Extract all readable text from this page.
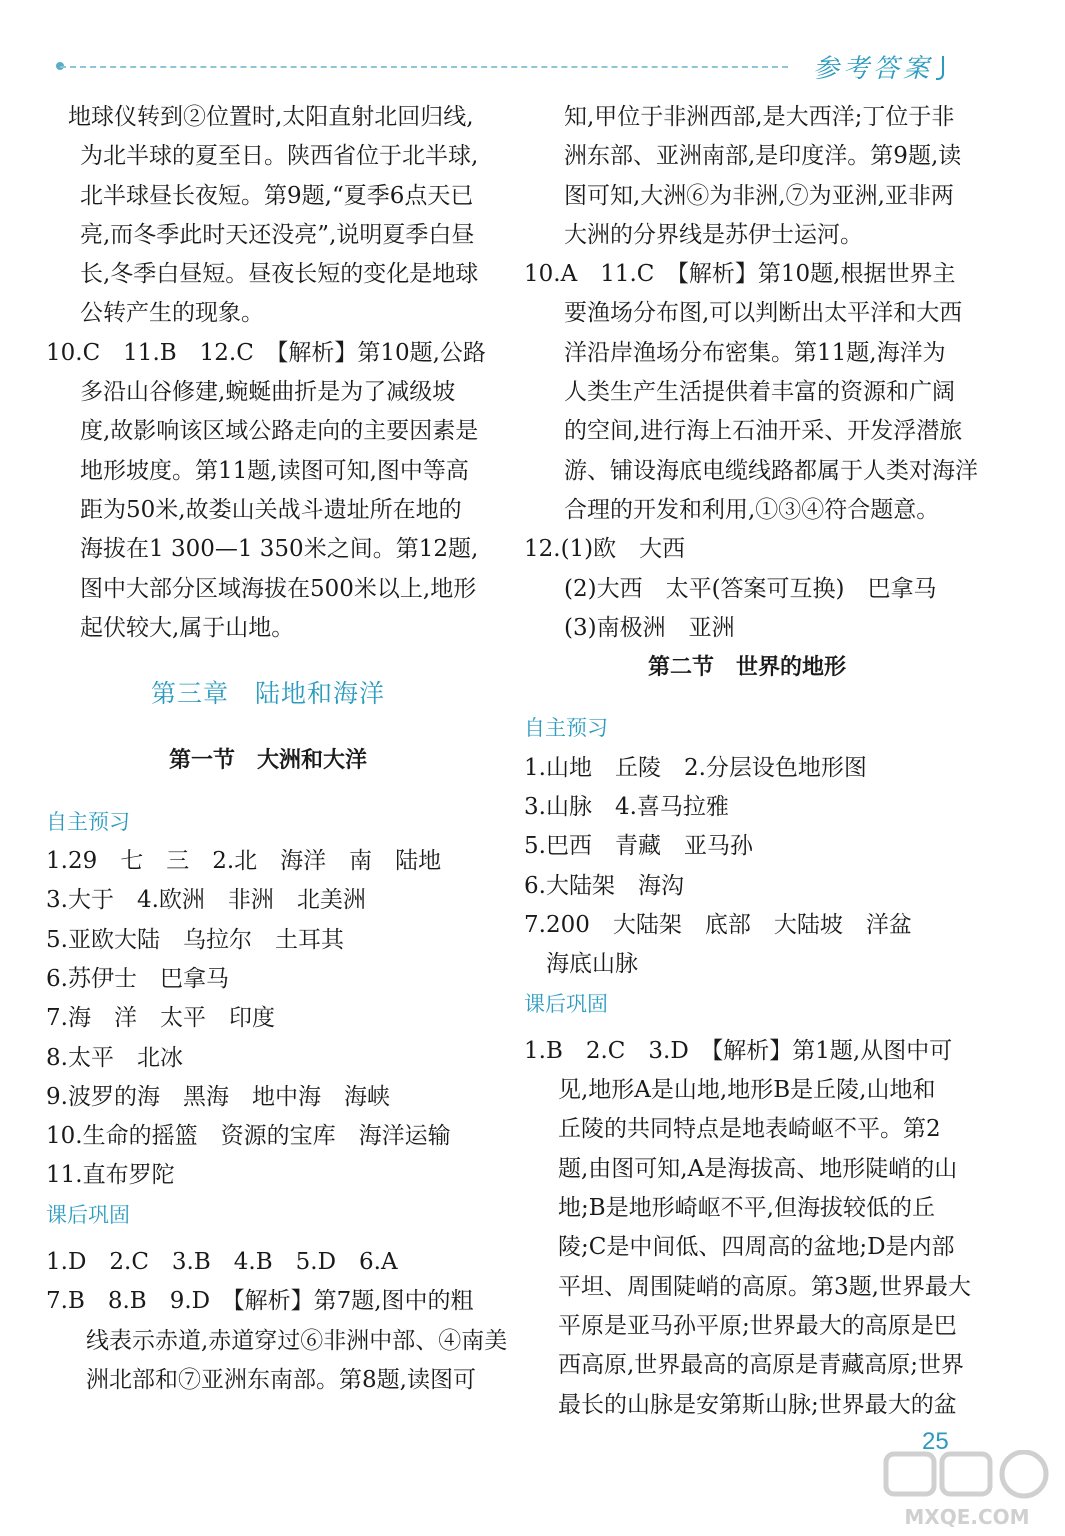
参考答案

地球仪转到②位置时,太阳直射北回归线,

为北半球的夏至日。陕西省位于北半球,

北半球昼长夜短。第9题,“夏季6点天已

亮,而冬季此时天还没亮”,说明夏季白昼

长,冬季白昼短。昼夜长短的变化是地球

公转产生的现象。

10.C　11.B　12.C　【解析】第10题,公路

多沿山谷修建,蜿蜒曲折是为了减级坡

度,故影响该区域公路走向的主要因素是

地形坡度。第11题,读图可知,图中等高

距为50米,故娄山关战斗遗址所在地的

海拔在1 300—1 350米之间。第12题,

图中大部分区域海拔在500米以上,地形

起伏较大,属于山地。

第三章　陆地和海洋

第一节　大洲和大洋

自主预习

1.29　七　三　2.北　海洋　南　陆地

3.大于　4.欧洲　非洲　北美洲

5.亚欧大陆　乌拉尔　土耳其

6.苏伊士　巴拿马

7.海　洋　太平　印度

8.太平　北冰

9.波罗的海　黑海　地中海　海峡

10.生命的摇篮　资源的宝库　海洋运输

11.直布罗陀

课后巩固

1.D　2.C　3.B　4.B　5.D　6.A

7.B　8.B　9.D　【解析】第7题,图中的粗

线表示赤道,赤道穿过⑥非洲中部、④南美

洲北部和⑦亚洲东南部。第8题,读图可

知,甲位于非洲西部,是大西洋;丁位于非

洲东部、亚洲南部,是印度洋。第9题,读

图可知,大洲⑥为非洲,⑦为亚洲,亚非两

大洲的分界线是苏伊士运河。

10.A　11.C　【解析】第10题,根据世界主

要渔场分布图,可以判断出太平洋和大西

洋沿岸渔场分布密集。第11题,海洋为

人类生产生活提供着丰富的资源和广阔

的空间,进行海上石油开采、开发浮潜旅

游、铺设海底电缆线路都属于人类对海洋

合理的开发和利用,①③④符合题意。

12.(1)欧　大西

(2)大西　太平(答案可互换)　巴拿马

(3)南极洲　亚洲

第二节　世界的地形

自主预习

1.山地　丘陵　2.分层设色地形图

3.山脉　4.喜马拉雅

5.巴西　青藏　亚马孙

6.大陆架　海沟

7.200　大陆架　底部　大陆坡　洋盆

海底山脉

课后巩固

1.B　2.C　3.D　【解析】第1题,从图中可

见,地形A是山地,地形B是丘陵,山地和

丘陵的共同特点是地表崎岖不平。第2

题,由图可知,A是海拔高、地形陡峭的山

地;B是地形崎岖不平,但海拔较低的丘

陵;C是中间低、四周高的盆地;D是内部

平坦、周围陡峭的高原。第3题,世界最大

平原是亚马孙平原;世界最大的高原是巴

西高原,世界最高的高原是青藏高原;世界

最长的山脉是安第斯山脉;世界最大的盆

25
MXQE.COM
